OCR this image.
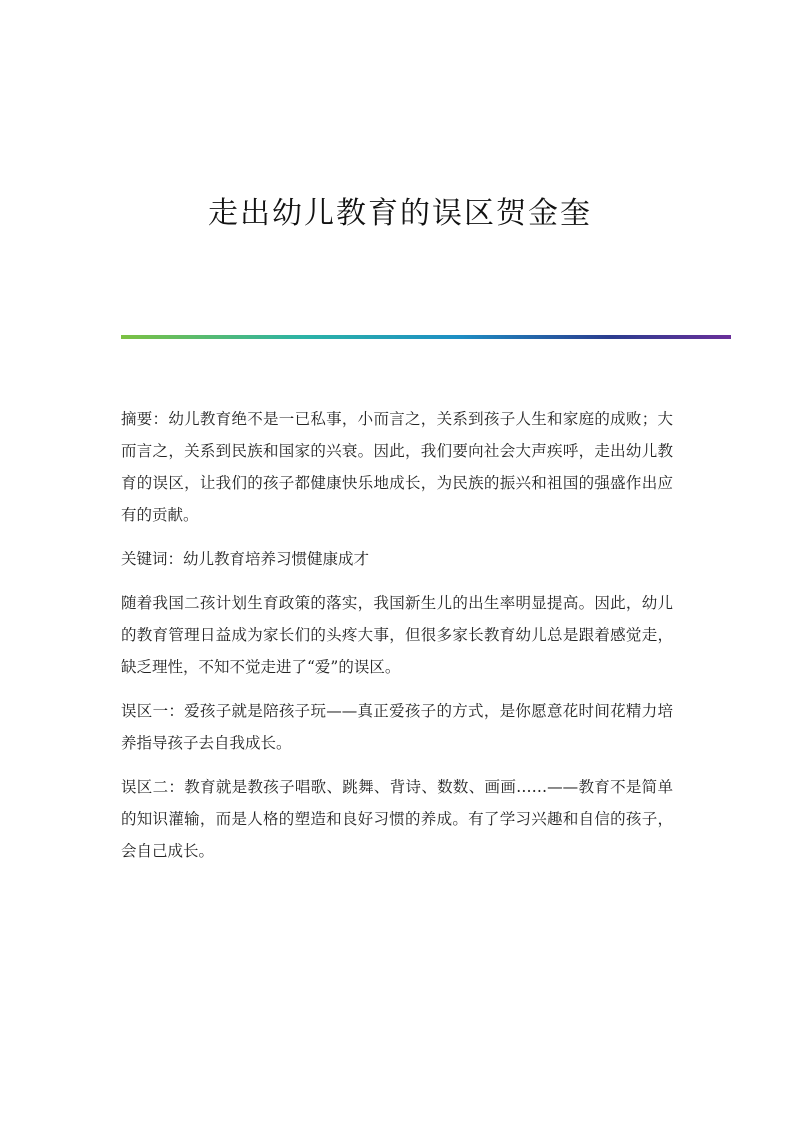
走出幼儿教育的误区贺金奎

摘要：幼儿教育绝不是一已私事，小而言之，关系到孩子人生和家庭的成败；大而言之，关系到民族和国家的兴衰。因此，我们要向社会大声疾呼，走出幼儿教育的误区，让我们的孩子都健康快乐地成长，为民族的振兴和祖国的强盛作出应有的贡献。

关键词：幼儿教育培养习惯健康成才

随着我国二孩计划生育政策的落实，我国新生儿的出生率明显提高。因此，幼儿的教育管理日益成为家长们的头疼大事，但很多家长教育幼儿总是跟着感觉走，缺乏理性，不知不觉走进了“爱”的误区。

误区一：爱孩子就是陪孩子玩——真正爱孩子的方式，是你愿意花时间花精力培养指导孩子去自我成长。

误区二：教育就是教孩子唱歌、跳舞、背诗、数数、画画……——教育不是简单的知识灌输，而是人格的塑造和良好习惯的养成。有了学习兴趣和自信的孩子，会自己成长。
